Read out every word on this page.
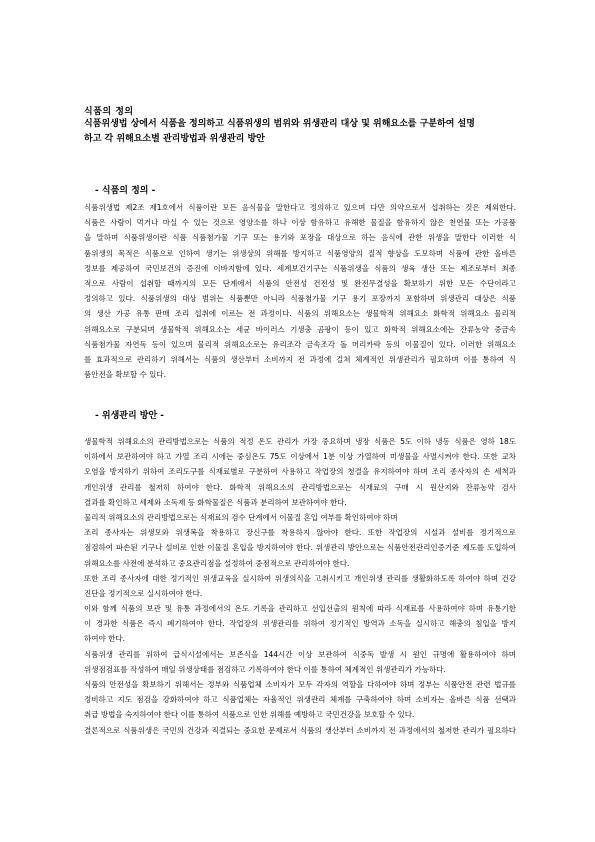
식품의 정의
식품위생법 상에서 식품을 정의하고 식품위생의 범위와 위생관리 대상 및 위해요소를 구분하여 설명
하고 각 위해요소별 관리방법과 위생관리 방안
- 식품의 정의 -
식품위생법 제2조 제1호에서 식품이란 모든 음식물을 말한다고 정의하고 있으며 다만 의약으로서 섭취하는 것은 제외한다.
식품은 사람이 먹거나 마실 수 있는 것으로 영양소를 하나 이상 함유하고 유해한 물질을 함유하지 않은 천연물 또는 가공품
을 말하며 식품위생이란 식품 식품첨가물 기구 또는 용기와 포장을 대상으로 하는 음식에 관한 위생을 말한다 이러한 식
품위생의 목적은 식품으로 인하여 생기는 위생상의 위해를 방지하고 식품영양의 질적 향상을 도모하며 식품에 관한 올바른
정보를 제공하여 국민보건의 증진에 이바지함에 있다. 세계보건기구는 식품위생을 식품의 생육 생산 또는 제조로부터 최종
적으로 사람이 섭취할 때까지의 모든 단계에서 식품의 안전성 건전성 및 완전무결성을 확보하기 위한 모든 수단이라고
정의하고 있다. 식품위생의 대상 범위는 식품뿐만 아니라 식품첨가물 기구 용기 포장까지 포함하며 위생관리 대상은 식품
의 생산 가공 유통 판매 조리 섭취에 이르는 전 과정이다. 식품의 위해요소는 생물학적 위해요소 화학적 위해요소 물리적
위해요소로 구분되며 생물학적 위해요소는 세균 바이러스 기생충 곰팡이 등이 있고 화학적 위해요소에는 잔류농약 중금속
식품첨가물 자연독 등이 있으며 물리적 위해요소로는 유리조각 금속조각 돌 머리카락 등의 이물질이 있다. 이러한 위해요소
를 효과적으로 관리하기 위해서는 식품의 생산부터 소비까지 전 과정에 걸쳐 체계적인 위생관리가 필요하며 이를 통하여 식
품안전을 확보할 수 있다.
- 위생관리 방안 -
생물학적 위해요소의 관리방법으로는 식품의 적정 온도 관리가 가장 중요하며 냉장 식품은 5도 이하 냉동 식품은 영하 18도
이하에서 보관하여야 하고 가열 조리 시에는 중심온도 75도 이상에서 1분 이상 가열하여 미생물을 사멸시켜야 한다. 또한 교차
오염을 방지하기 위하여 조리도구를 식재료별로 구분하여 사용하고 작업장의 청결을 유지하여야 하며 조리 종사자의 손 세척과
개인위생 관리를 철저히 하여야 한다. 화학적 위해요소의 관리방법으로는 식재료의 구매 시 원산지와 잔류농약 검사
결과를 확인하고 세제와 소독제 등 화학물질은 식품과 분리하여 보관하여야 한다.
물리적 위해요소의 관리방법으로는 식재료의 검수 단계에서 이물질 혼입 여부를 확인하여야 하며
조리 종사자는 위생모와 위생복을 착용하고 장신구를 착용하지 않아야 한다. 또한 작업장의 시설과 설비를 정기적으로
점검하여 파손된 기구나 설비로 인한 이물질 혼입을 방지하여야 한다. 위생관리 방안으로는 식품안전관리인증기준 제도를 도입하여
위해요소를 사전에 분석하고 중요관리점을 설정하여 중점적으로 관리하여야 한다.
또한 조리 종사자에 대한 정기적인 위생교육을 실시하여 위생의식을 고취시키고 개인위생 관리를 생활화하도록 하여야 하며 건강
진단을 정기적으로 실시하여야 한다.
이와 함께 식품의 보관 및 유통 과정에서의 온도 기록을 관리하고 선입선출의 원칙에 따라 식재료를 사용하여야 하며 유통기한
이 경과한 식품은 즉시 폐기하여야 한다. 작업장의 위생관리를 위하여 정기적인 방역과 소독을 실시하고 해충의 침입을 방지
하여야 한다.
식품위생 관리를 위하여 급식시설에서는 보존식을 144시간 이상 보관하여 식중독 발생 시 원인 규명에 활용하여야 하며
위생점검표를 작성하여 매일 위생상태를 점검하고 기록하여야 한다 이를 통하여 체계적인 위생관리가 가능하다.
식품의 안전성을 확보하기 위해서는 정부와 식품업체 소비자가 모두 각자의 역할을 다하여야 하며 정부는 식품안전 관련 법규를
정비하고 지도 점검을 강화하여야 하고 식품업체는 자율적인 위생관리 체계를 구축하여야 하며 소비자는 올바른 식품 선택과
취급 방법을 숙지하여야 한다 이를 통하여 식품으로 인한 위해를 예방하고 국민건강을 보호할 수 있다.
결론적으로 식품위생은 국민의 건강과 직결되는 중요한 문제로서 식품의 생산부터 소비까지 전 과정에서의 철저한 관리가 필요하다
